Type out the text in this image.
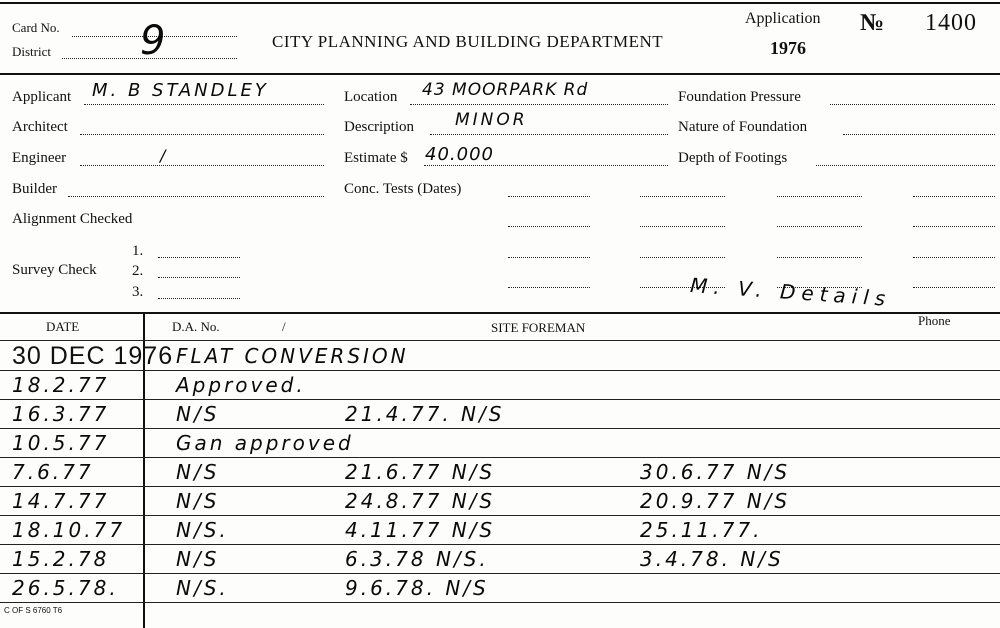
Card No.
District 9	CITY PLANNING AND BUILDING DEPARTMENT
Application
1976
№ 1400
Applicant M. B STANDLEY
Architect
Engineer	/
Builder
Alignment Checked
Survey Check
1.
2.
3.
Location 43 MOORPARK Rd
Description MINOR
Estimate $ 40.000
Conc. Tests (Dates)
Foundation Pressure
Nature of Foundation
Depth of Footings
M. V. Details
DATE	D.A. No.	/	SITE FOREMAN	Phone
30 DEC 1976 FLAT CONVERSION
18.2.77	Approved.
16.3.77	N/S	21.4.77. N/S
10.5.77	Gan approved
7.6.77	N/S	21.6.77 N/S	30.6.77 N/S
14.7.77	N/S	24.8.77 N/S	20.9.77 N/S
18.10.77	N/S.	4.11.77 N/S	25.11.77.
15.2.78	N/S	6.3.78 N/S.	3.4.78. N/S
26.5.78.	N/S.	9.6.78. N/S
C OF S 6760 T6
